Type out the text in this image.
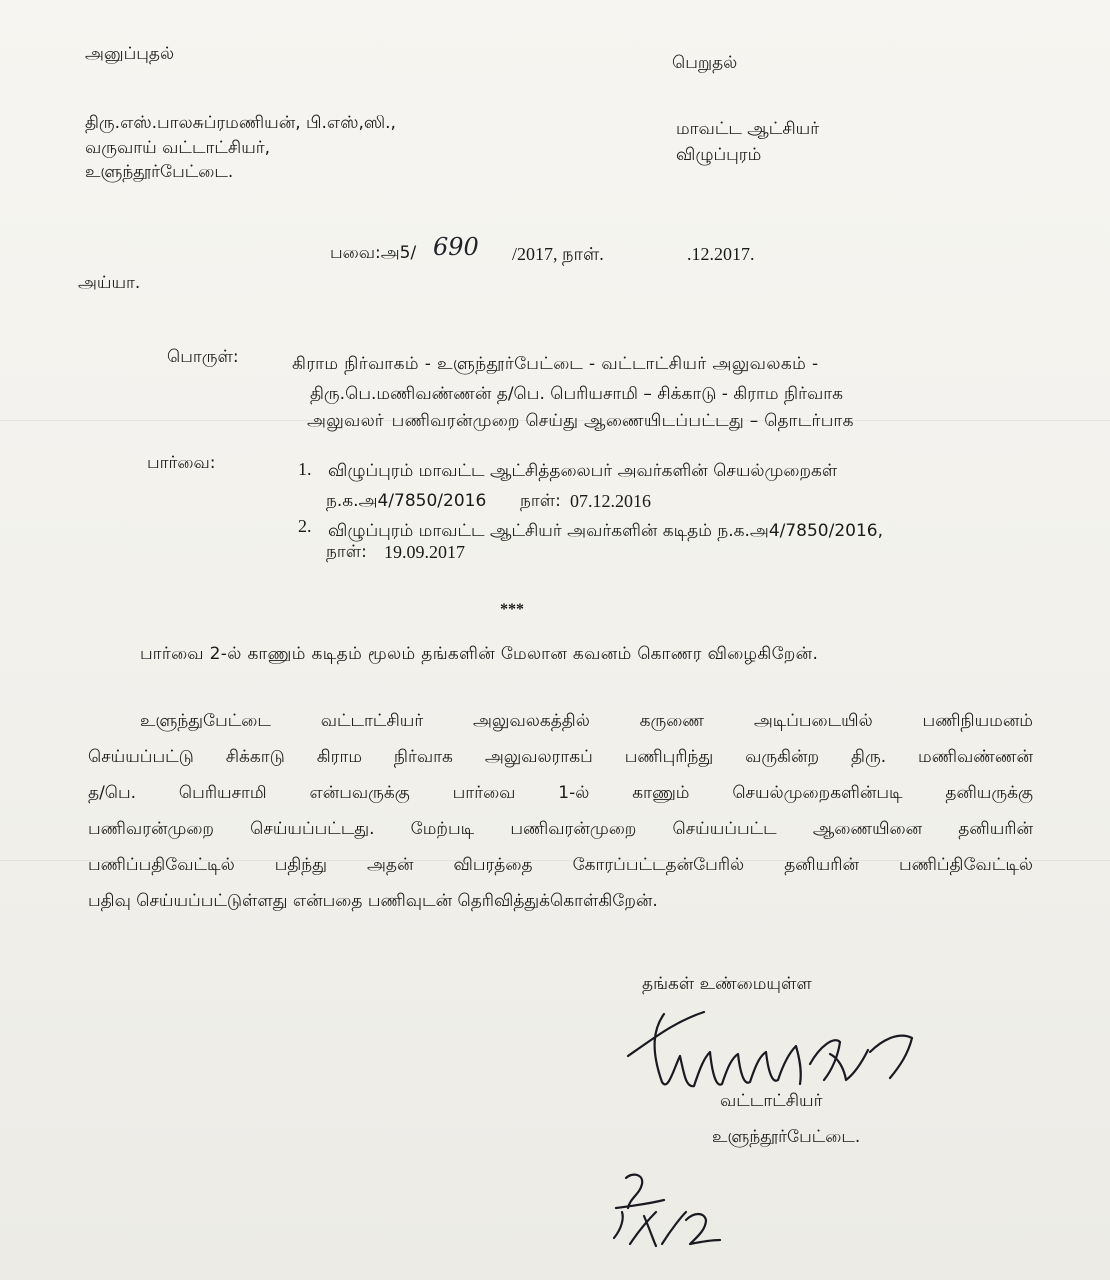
அனுப்புதல்
திரு.எஸ்.பாலசுப்ரமணியன், பி.எஸ்,ஸி.,
வருவாய் வட்டாட்சியர்,
உளுந்தூர்பேட்டை.
பெறுதல்
மாவட்ட ஆட்சியர்
விழுப்புரம்
பவை:அ5/ 690 /2017, நாள்.	.12.2017.
அய்யா.
பொருள்:	கிராம நிர்வாகம் - உளுந்தூர்பேட்டை - வட்டாட்சியர் அலுவலகம் -
திரு.பெ.மணிவண்ணன் த/பெ. பெரியசாமி – சிக்காடு - கிராம நிர்வாக
அலுவலா் பணிவரன்முறை செய்து ஆணையிடப்பட்டது – தொடர்பாக
பார்வை:	1. விழுப்புரம் மாவட்ட ஆட்சித்தலைபர் அவர்களின் செயல்முறைகள்
ந.க.அ4/7850/2016 நாள்: 07.12.2016
2. விழுப்புரம் மாவட்ட ஆட்சியர் அவர்களின் கடிதம் ந.க.அ4/7850/2016,
நாள்: 19.09.2017
***
பார்வை 2-ல் காணும் கடிதம் மூலம் தங்களின் மேலான கவனம் கொணர விழைகிறேன்.
உளுந்துபேட்டை வட்டாட்சியர் அலுவலகத்தில் கருணை அடிப்படையில் பணிநியமனம்
செய்யப்பட்டு சிக்காடு கிராம நிர்வாக அலுவலராகப் பணிபுரிந்து வருகின்ற திரு. மணிவண்ணன்
த/பெ. பெரியசாமி என்பவருக்கு பார்வை 1-ல் காணும் செயல்முறைகளின்படி தனியருக்கு
பணிவரன்முறை செய்யப்பட்டது. மேற்படி பணிவரன்முறை செய்யப்பட்ட ஆணையினை தனியரின்
பணிப்பதிவேட்டில் பதிந்து அதன் விபரத்தை கோரப்பட்டதன்பேரில் தனியரின் பணிப்திவேட்டில்
பதிவு செய்யப்பட்டுள்ளது என்பதை பணிவுடன் தெரிவித்துக்கொள்கிறேன்.
தங்கள் உண்மையுள்ள
வட்டாட்சியர்
உளுந்தூர்பேட்டை.
